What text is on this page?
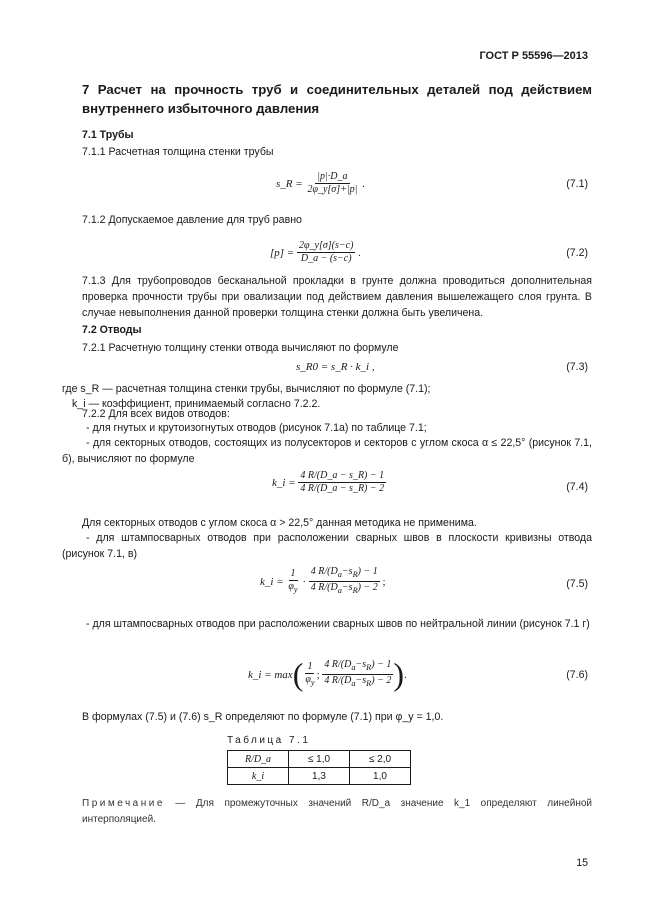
ГОСТ Р 55596—2013
7 Расчет на прочность труб и соединительных деталей под действием внутреннего избыточного давления
7.1 Трубы
7.1.1 Расчетная толщина стенки трубы
s_R =
$\frac{|p|\cdot D\_a}{2\varphi\_y[\sigma]+|p|}$ .	(7.1)
7.1.2 Допускаемое давление для труб равно
[p] =
$\frac{2\varphi\_y[\sigma](s-c)}{D\_a - (s-c)}$ .	(7.2)
7.1.3 Для трубопроводов бесканальной прокладки в грунте должна проводиться дополнительная проверка прочности трубы при овализации под действием давления вышележащего слоя грунта. В случае невыполнения данной проверки толщина стенки должна быть увеличена.
7.2 Отводы
7.2.1 Расчетную толщину стенки отвода вычисляют по формуле
s_R0 = s_R · k_i ,	(7.3)
где s_R — расчетная толщина стенки трубы, вычисляют по формуле (7.1);
k_i — коэффициент, принимаемый согласно 7.2.2.
7.2.2 Для всех видов отводов:
- для гнутых и крутоизогнутых отводов (рисунок 7.1а) по таблице 7.1;
- для секторных отводов, состоящих из полусекторов и секторов с углом скоса α ≤ 22,5° (рисунок 7.1, б), вычисляют по формуле
k_i =
$\frac{4 R/(D\_a - s\_R) - 1}{4 R/(D\_a - s\_R) - 2}$	(7.4)
Для секторных отводов с углом скоса α > 22,5° данная методика не применима.
- для штампосварных отводов при расположении сварных швов в плоскости кривизны отвода (рисунок 7.1, в)
k_i =
$\frac{1}{\varphi_y} \cdot \frac{4 R/(D_a-s_R) - 1}{4 R/(D_a-s_R) - 2}$ ;	(7.5)
- для штампосварных отводов при расположении сварных швов по нейтральной линии (рисунок 7.1 г)
k_i = max ( $\frac{1}{\varphi_y}$ ; $\frac{4 R/(D_a-s_R) - 1}{4 R/(D_a-s_R) - 2}$ ) .	(7.6)
В формулах (7.5) и (7.6) s_R определяют по формуле (7.1) при φ_y = 1,0.
Таблица 7.1
R/D_a	≤ 1,0	≤ 2,0
k_i	1,3	1,0
Примечание — Для промежуточных значений R/D_a значение k_1 определяют линейной интерполяцией.
15
